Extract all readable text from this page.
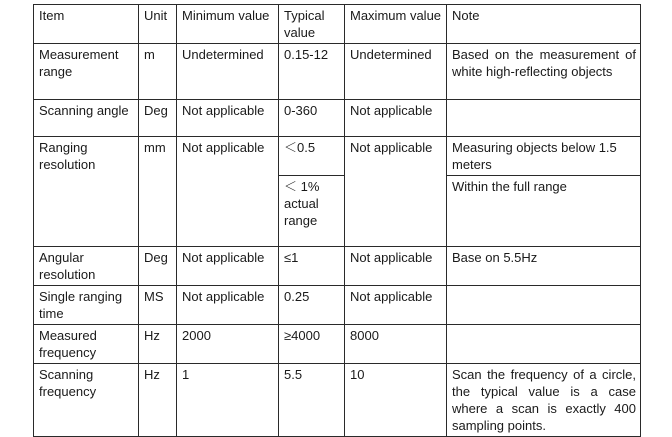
Item	Unit	Minimum value	Typical value	Maximum value	Note
Measurement range	m	Undetermined	0.15-12	Undetermined	Based on the measurement of white high-reflecting objects
Scanning angle	Deg	Not applicable	0-360	Not applicable	
Ranging resolution	mm	Not applicable	＜0.5	Not applicable	Measuring objects below 1.5 meters
			＜ 1% actual range		Within the full range
Angular resolution	Deg	Not applicable	≤1	Not applicable	Base on 5.5Hz
Single ranging time	MS	Not applicable	0.25	Not applicable	
Measured frequency	Hz	2000	≥4000	8000	
Scanning frequency	Hz	1	5.5	10	Scan the frequency of a circle, the typical value is a case where a scan is exactly 400 sampling points.
